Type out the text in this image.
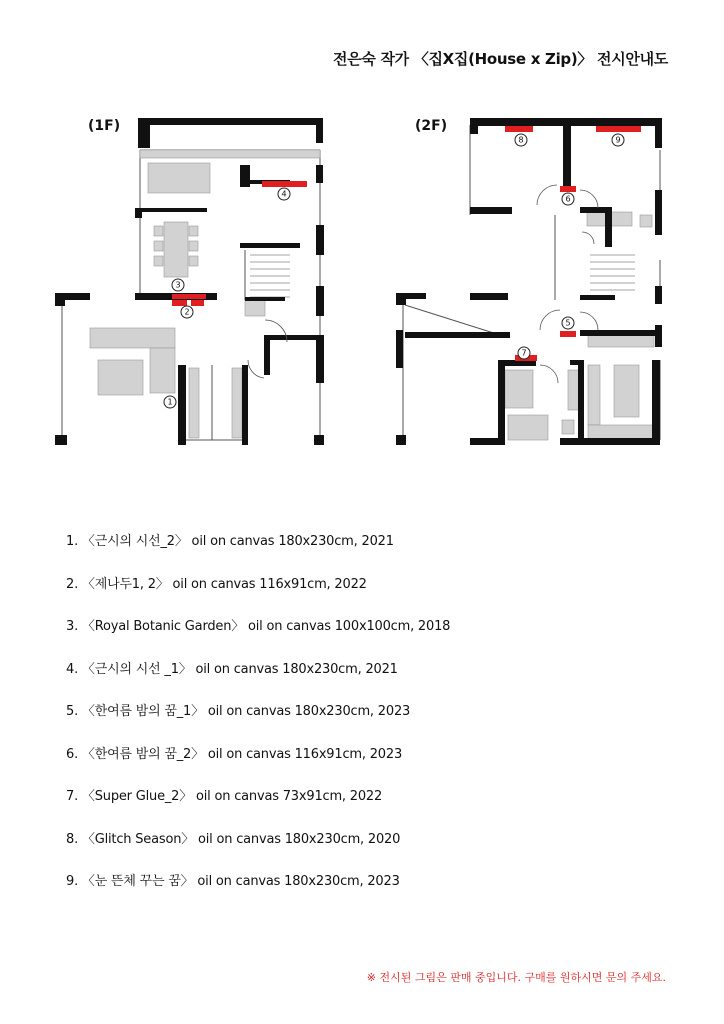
전은숙 작가 〈집X집(House x Zip)〉 전시안내도
(1F)	(2F)
4
3
2
1
8	9
6
5
7
1. 〈근시의 시선_2〉 oil on canvas 180x230cm, 2021
2. 〈제나두1, 2〉 oil on canvas 116x91cm, 2022
3. 〈Royal Botanic Garden〉 oil on canvas 100x100cm, 2018
4. 〈근시의 시선 _1〉 oil on canvas 180x230cm, 2021
5. 〈한여름 밤의 꿈_1〉 oil on canvas 180x230cm, 2023
6. 〈한여름 밤의 꿈_2〉 oil on canvas 116x91cm, 2023
7. 〈Super Glue_2〉 oil on canvas 73x91cm, 2022
8. 〈Glitch Season〉 oil on canvas 180x230cm, 2020
9. 〈눈 뜬체 꾸는 꿈〉 oil on canvas 180x230cm, 2023
※ 전시된 그림은 판매 중입니다. 구매를 원하시면 문의 주세요.
